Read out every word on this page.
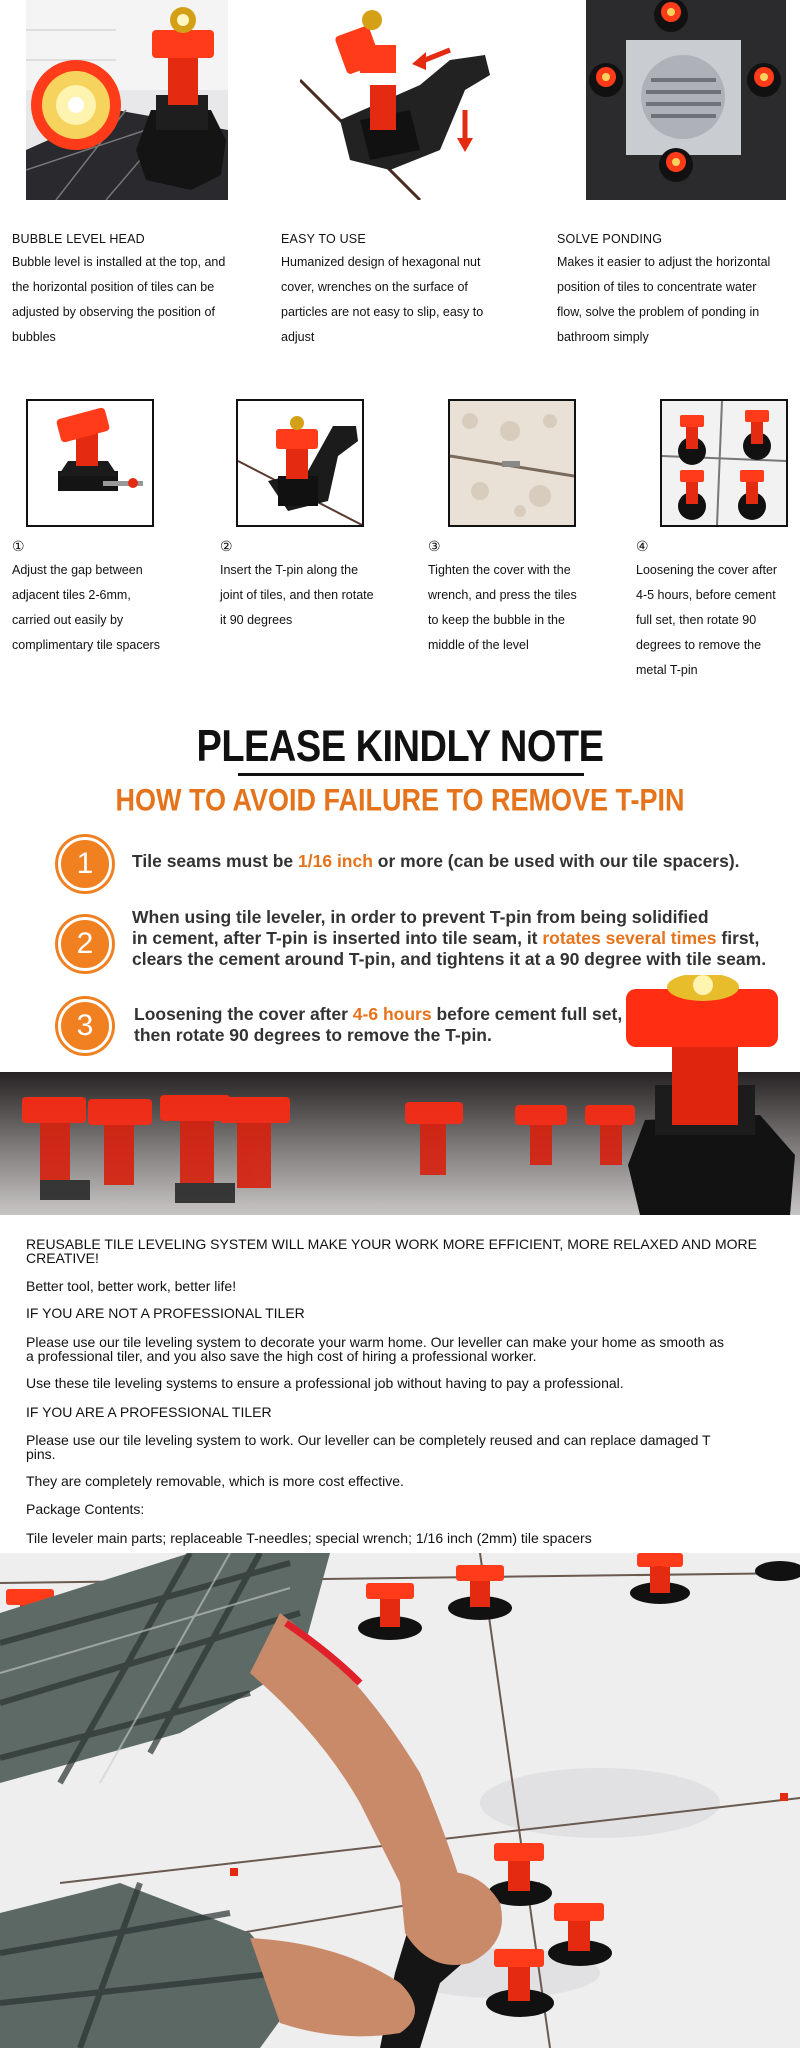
BUBBLE LEVEL HEAD
Bubble level is installed at the top, and
the horizontal position of tiles can be
adjusted by observing the position of
bubbles
EASY TO USE
Humanized design of hexagonal nut
cover, wrenches on the surface of
particles are not easy to slip, easy to
adjust
SOLVE PONDING
Makes it easier to adjust the horizontal
position of tiles to concentrate water
flow, solve the problem of ponding in
bathroom simply
①
Adjust the gap between
adjacent tiles 2-6mm,
carried out easily by
complimentary tile spacers
②
Insert the T-pin along the
joint of tiles, and then rotate
it 90 degrees
③
Tighten the cover with the
wrench, and press the tiles
to keep the bubble in the
middle of the level
④
Loosening the cover after
4-5 hours, before cement
full set, then rotate 90
degrees to remove the
metal T-pin
PLEASE KINDLY NOTE
HOW TO AVOID FAILURE TO REMOVE T-PIN
1	Tile seams must be 1/16 inch or more (can be used with our tile spacers).
2
When using tile leveler, in order to prevent T-pin from being solidified
in cement, after T-pin is inserted into tile seam, it rotates several times first,
clears the cement around T-pin, and tightens it at a 90 degree with tile seam.
3	Loosening the cover after 4-6 hours before cement full set,
then rotate 90 degrees to remove the T-pin.
REUSABLE TILE LEVELING SYSTEM WILL MAKE YOUR WORK MORE EFFICIENT, MORE RELAXED AND MORE
CREATIVE!
Better tool, better work, better life!
IF YOU ARE NOT A PROFESSIONAL TILER
Please use our tile leveling system to decorate your warm home. Our leveller can make your home as smooth as
a professional tiler, and you also save the high cost of hiring a professional worker.
Use these tile leveling systems to ensure a professional job without having to pay a professional.
IF YOU ARE A PROFESSIONAL TILER
Please use our tile leveling system to work. Our leveller can be completely reused and can replace damaged T
pins.
They are completely removable, which is more cost effective.
Package Contents:
Tile leveler main parts; replaceable T-needles; special wrench; 1/16 inch (2mm) tile spacers
